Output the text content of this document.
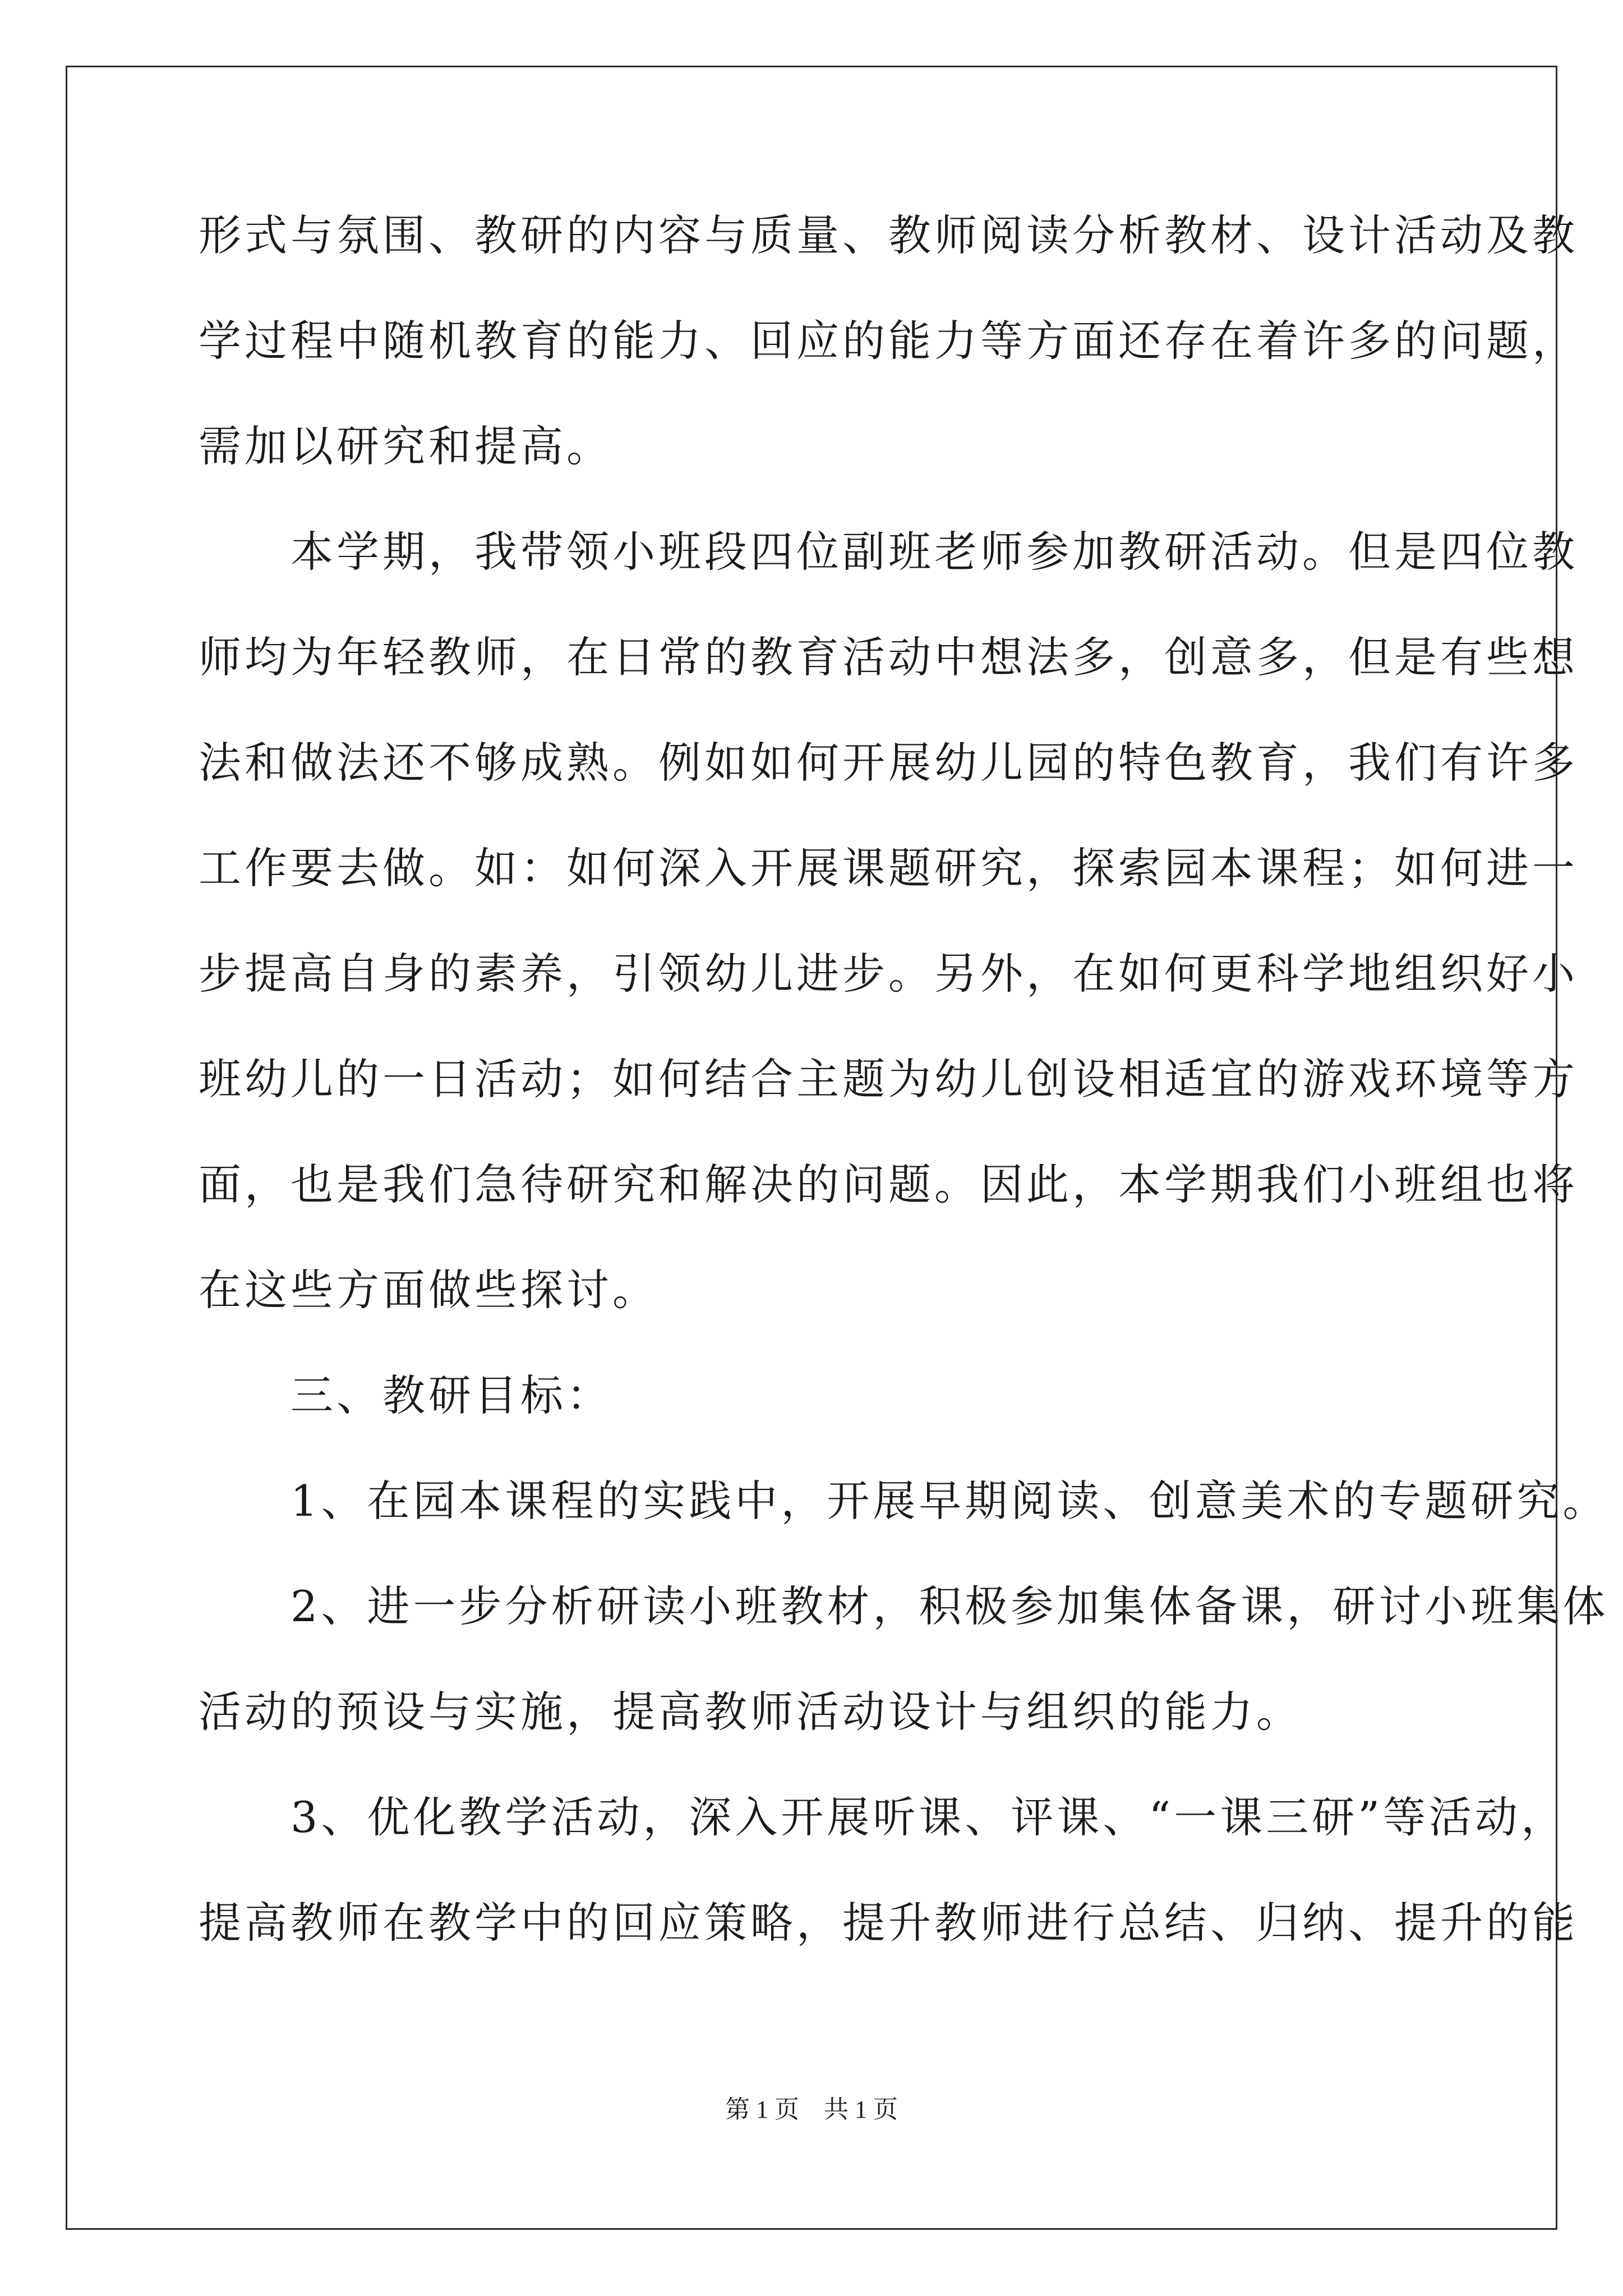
形式与氛围、教研的内容与质量、教师阅读分析教材、设计活动及教
学过程中随机教育的能力、回应的能力等方面还存在着许多的问题，
需加以研究和提高。
　　本学期，我带领小班段四位副班老师参加教研活动。但是四位教
师均为年轻教师，在日常的教育活动中想法多，创意多，但是有些想
法和做法还不够成熟。例如如何开展幼儿园的特色教育，我们有许多
工作要去做。如：如何深入开展课题研究，探索园本课程；如何进一
步提高自身的素养，引领幼儿进步。另外，在如何更科学地组织好小
班幼儿的一日活动；如何结合主题为幼儿创设相适宜的游戏环境等方
面，也是我们急待研究和解决的问题。因此，本学期我们小班组也将
在这些方面做些探讨。
　　三、教研目标：
　　1、在园本课程的实践中，开展早期阅读、创意美术的专题研究。
　　2、进一步分析研读小班教材，积极参加集体备课，研讨小班集体
活动的预设与实施，提高教师活动设计与组织的能力。
　　3、优化教学活动，深入开展听课、评课、“一课三研”等活动，
提高教师在教学中的回应策略，提升教师进行总结、归纳、提升的能
第 1 页　共 1 页
